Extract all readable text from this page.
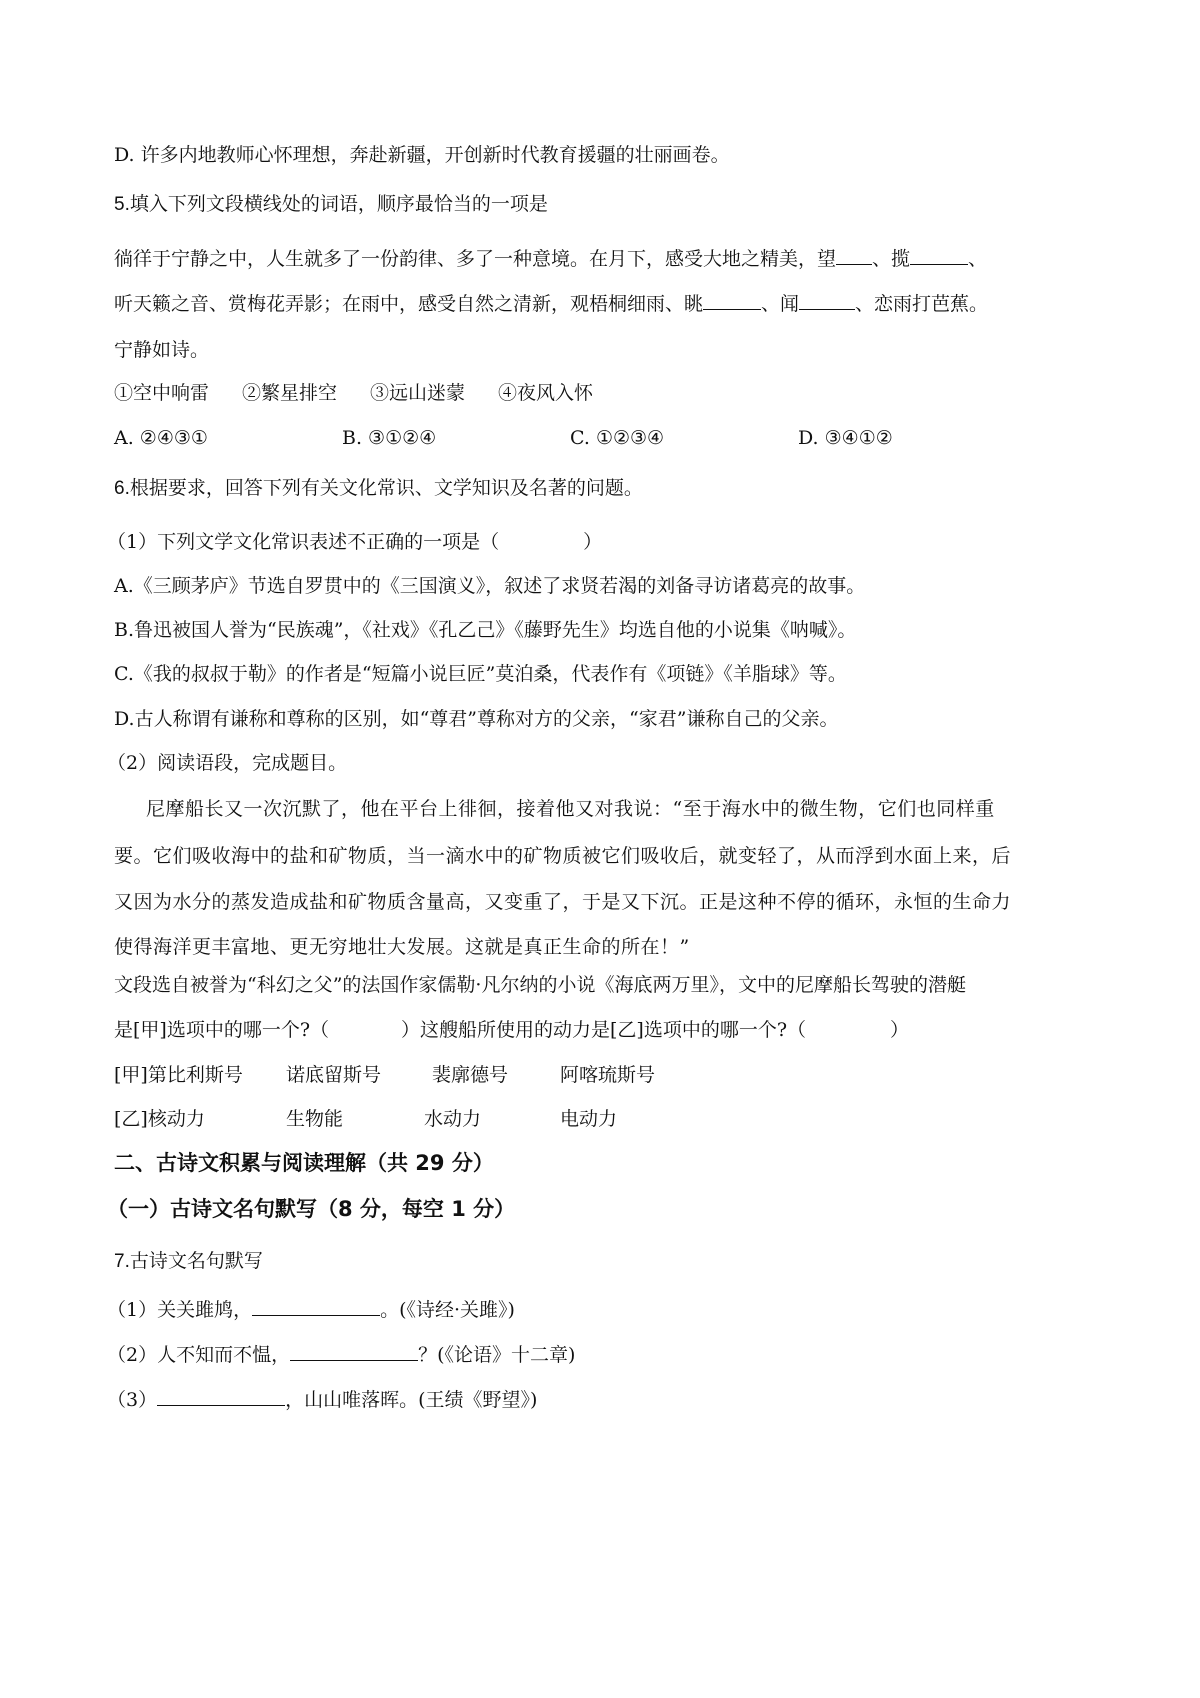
D. 许多内地教师心怀理想，奔赴新疆，开创新时代教育援疆的壮丽画卷。
5.填入下列文段横线处的词语，顺序最恰当的一项是
徜徉于宁静之中，人生就多了一份韵律、多了一种意境。在月下，感受大地之精美，望 、揽	、
听天籁之音、赏梅花弄影；在雨中，感受自然之清新，观梧桐细雨、眺	、闻	、恋雨打芭蕉。
宁静如诗。
①空中响雷 ②繁星排空 ③远山迷蒙 ④夜风入怀
A. ②④③①	B. ③①②④	C. ①②③④	D. ③④①②
6.根据要求，回答下列有关文化常识、文学知识及名著的问题。
（1）下列文学文化常识表述不正确的一项是（	）
A.《三顾茅庐》节选自罗贯中的《三国演义》，叙述了求贤若渴的刘备寻访诸葛亮的故事。
B.鲁迅被国人誉为“民族魂”，《社戏》《孔乙己》《藤野先生》均选自他的小说集《呐喊》。
C.《我的叔叔于勒》的作者是“短篇小说巨匠”莫泊桑，代表作有《项链》《羊脂球》等。
D.古人称谓有谦称和尊称的区别，如“尊君”尊称对方的父亲，“家君”谦称自己的父亲。
（2）阅读语段，完成题目。
尼摩船长又一次沉默了，他在平台上徘徊，接着他又对我说：“至于海水中的微生物，它们也同样重
要。它们吸收海中的盐和矿物质，当一滴水中的矿物质被它们吸收后，就变轻了，从而浮到水面上来，后
又因为水分的蒸发造成盐和矿物质含量高，又变重了，于是又下沉。正是这种不停的循环，永恒的生命力
使得海洋更丰富地、更无穷地壮大发展。这就是真正生命的所在！”
文段选自被誉为“科幻之父”的法国作家儒勒·凡尔纳的小说《海底两万里》，文中的尼摩船长驾驶的潜艇
是[甲]选项中的哪一个?（	）这艘船所使用的动力是[乙]选项中的哪一个?（	）
[甲]第比利斯号 诺底留斯号	裴廓德号	阿喀琉斯号
[乙]核动力	生物能	水动力	电动力
二、古诗文积累与阅读理解（共 29 分）
（一）古诗文名句默写（8 分，每空 1 分）
7.古诗文名句默写
（1）关关雎鸠，	。(《诗经·关雎》)
（2）人不知而不愠，	？(《论语》十二章)
（3）	，山山唯落晖。(王绩《野望》)
